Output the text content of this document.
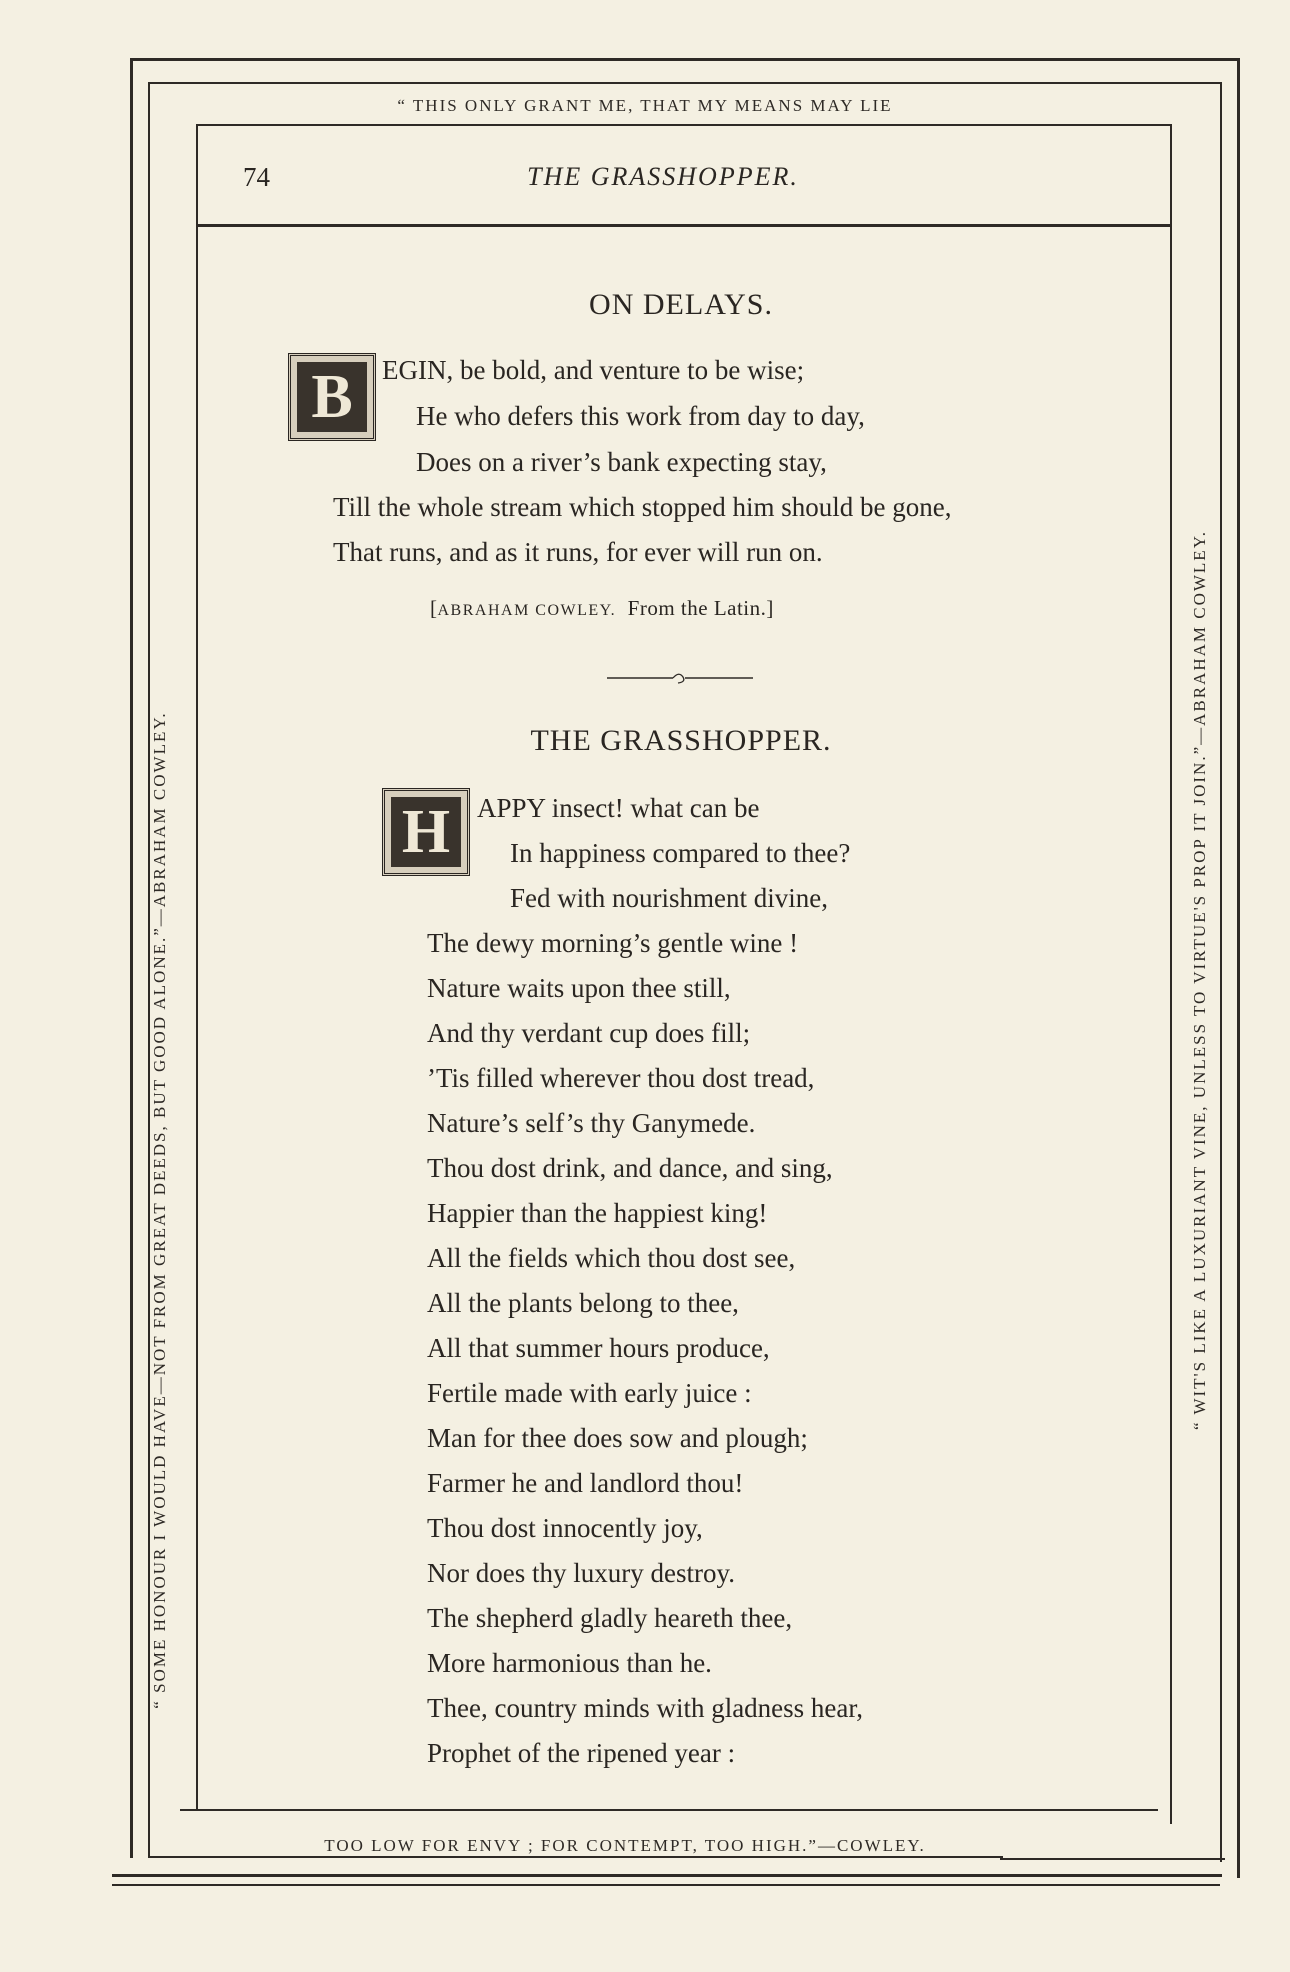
“ THIS ONLY GRANT ME, THAT MY MEANS MAY LIE
TOO LOW FOR ENVY ; FOR CONTEMPT, TOO HIGH.”—COWLEY.
“ SOME HONOUR I WOULD HAVE—NOT FROM GREAT DEEDS, BUT GOOD ALONE.”—ABRAHAM COWLEY.	“ WIT'S LIKE A LUXURIANT VINE, UNLESS TO VIRTUE'S PROP IT JOIN.”—ABRAHAM COWLEY.
74	THE GRASSHOPPER.
ON DELAYS.
B	EGIN, be bold, and venture to be wise;
He who defers this work from day to day,
Does on a river’s bank expecting stay,
Till the whole stream which stopped him should be gone,
That runs, and as it runs, for ever will run on.
[ABRAHAM COWLEY. From the Latin.]
THE GRASSHOPPER.
H APPY insect! what can be
In happiness compared to thee?
Fed with nourishment divine,
The dewy morning’s gentle wine !
Nature waits upon thee still,
And thy verdant cup does fill;
’Tis filled wherever thou dost tread,
Nature’s self’s thy Ganymede.
Thou dost drink, and dance, and sing,
Happier than the happiest king!
All the fields which thou dost see,
All the plants belong to thee,
All that summer hours produce,
Fertile made with early juice :
Man for thee does sow and plough;
Farmer he and landlord thou!
Thou dost innocently joy,
Nor does thy luxury destroy.
The shepherd gladly heareth thee,
More harmonious than he.
Thee, country minds with gladness hear,
Prophet of the ripened year :
